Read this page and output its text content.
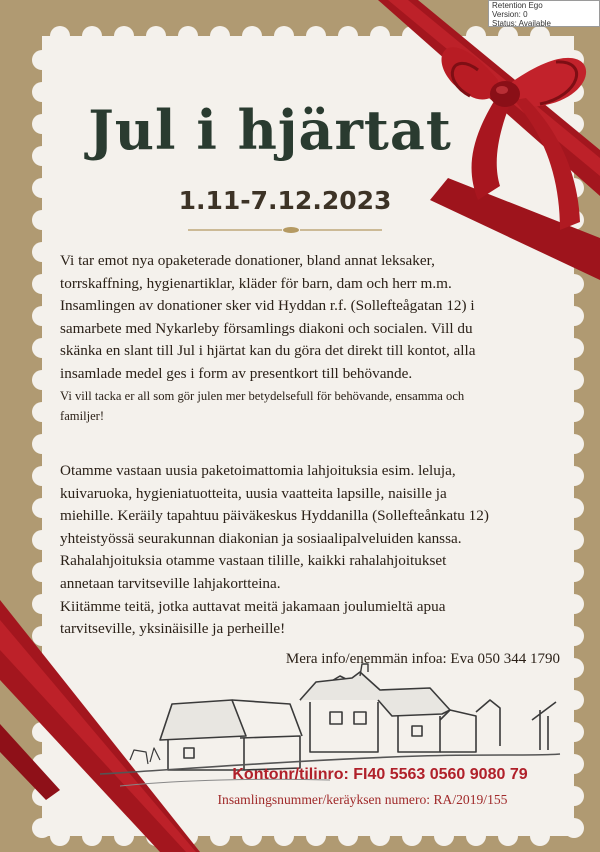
Jul i hjärtat
1.11-7.12.2023
Vi tar emot nya opaketerade donationer, bland annat leksaker,
torrskaffning, hygienartiklar, kläder för barn, dam och herr m.m.
Insamlingen av donationer sker vid Hyddan r.f. (Sollefteågatan 12) i
samarbete med Nykarleby församlings diakoni och socialen. Vill du
skänka en slant till Jul i hjärtat kan du göra det direkt till kontot, alla
insamlade medel ges i form av presentkort till behövande.
Vi vill tacka er all som gör julen mer betydelsefull för behövande, ensamma och
familjer!
Otamme vastaan uusia paketoimattomia lahjoituksia esim. leluja,
kuivaruoka, hygieniatuotteita, uusia vaatteita lapsille, naisille ja
miehille. Keräily tapahtuu päiväkeskus Hyddanilla (Sollefteånkatu 12)
yhteistyössä seurakunnan diakonian ja sosiaalipalveluiden kanssa.
Rahalahjoituksia otamme vastaan tilille, kaikki rahalahjoitukset
annetaan tarvitseville lahjakortteina.
Kiitämme teitä, jotka auttavat meitä jakamaan joulumieltä apua
tarvitseville, yksinäisille ja perheille!
Mera info/enemmän infoa: Eva 050 344 1790
Kontonr/tilinro: FI40 5563 0560 9080 79
Insamlingsnummer/keräyksen numero: RA/2019/155
Retention Ego
Version: 0
Status: Available
